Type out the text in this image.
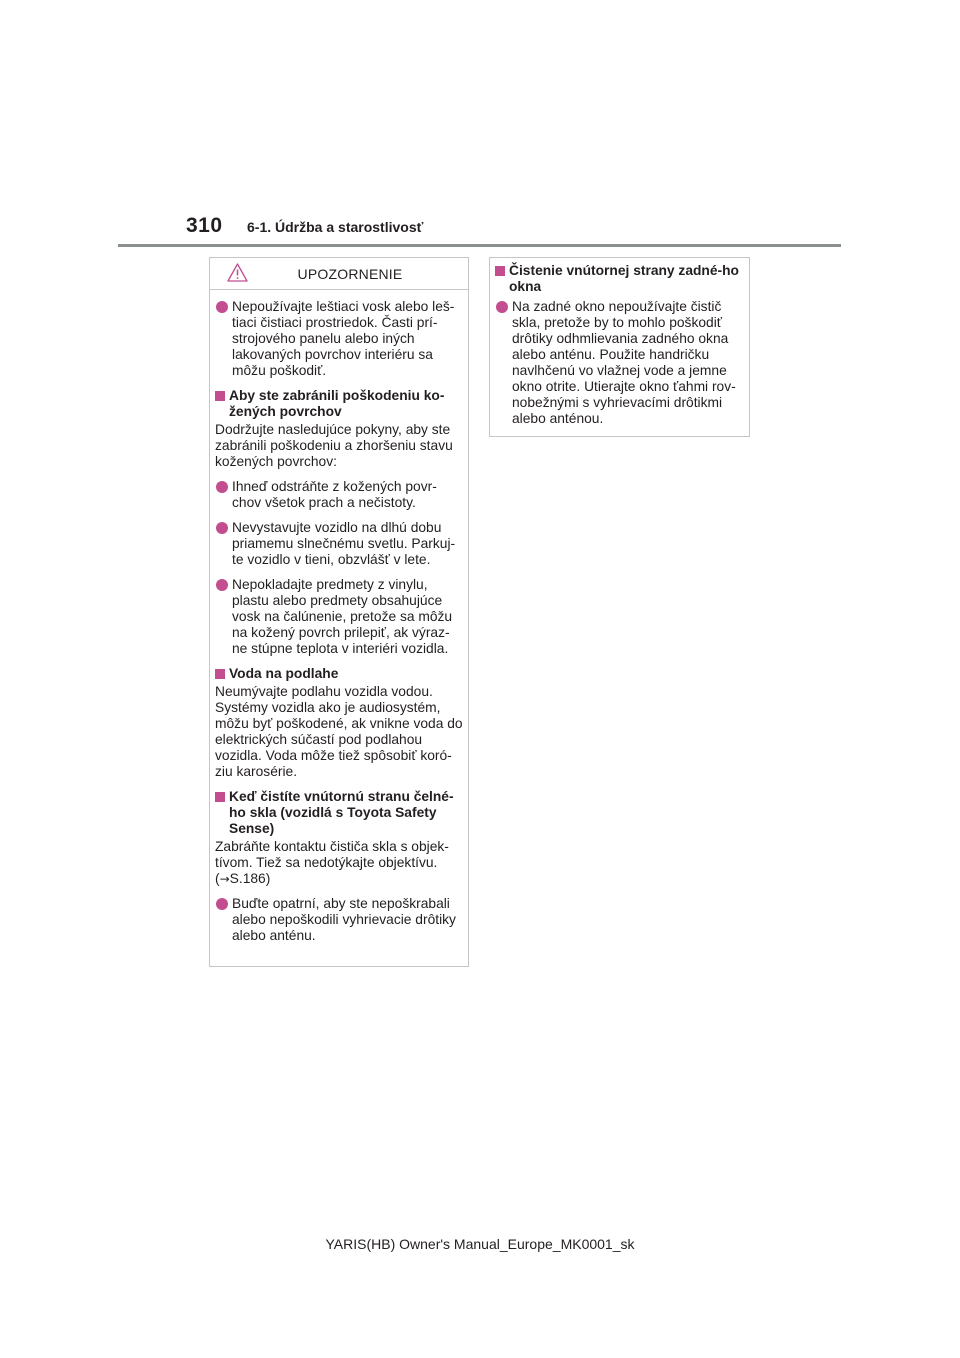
310 6-1. Údržba a starostlivosť
UPOZORNENIE
Nepoužívajte leštiaci vosk alebo leš-tiaci čistiaci prostriedok. Časti prí-strojového panelu alebo iných lakovaných povrchov interiéru sa môžu poškodiť.
Aby ste zabránili poškodeniu ko-žených povrchov
Dodržujte nasledujúce pokyny, aby ste zabránili poškodeniu a zhoršeniu stavu kožených povrchov:
Ihneď odstráňte z kožených povr-chov všetok prach a nečistoty.
Nevystavujte vozidlo na dlhú dobu priamemu slnečnému svetlu. Parkuj-te vozidlo v tieni, obzvlášť v lete.
Nepokladajte predmety z vinylu, plastu alebo predmety obsahujúce vosk na čalúnenie, pretože sa môžu na kožený povrch prilepiť, ak výraz-ne stúpne teplota v interiéri vozidla.
Voda na podlahe
Neumývajte podlahu vozidla vodou. Systémy vozidla ako je audiosystém, môžu byť poškodené, ak vnikne voda do elektrických súčastí pod podlahou vozidla. Voda môže tiež spôsobiť koró-ziu karosérie.
Keď čistíte vnútornú stranu čelné-ho skla (vozidlá s Toyota Safety Sense)
Zabráňte kontaktu čističa skla s objek-tívom. Tiež sa nedotýkajte objektívu. (→S.186)
Buďte opatrní, aby ste nepoškrabali alebo nepoškodili vyhrievacie drôtiky alebo anténu.
Čistenie vnútornej strany zadné-ho okna
Na zadné okno nepoužívajte čistič skla, pretože by to mohlo poškodiť drôtiky odhmlievania zadného okna alebo anténu. Použite handričku navlhčenú vo vlažnej vode a jemne okno otrite. Utierajte okno ťahmi rov-nobežnými s vyhrievacími drôtikmi alebo anténou.
YARIS(HB) Owner's Manual_Europe_MK0001_sk
